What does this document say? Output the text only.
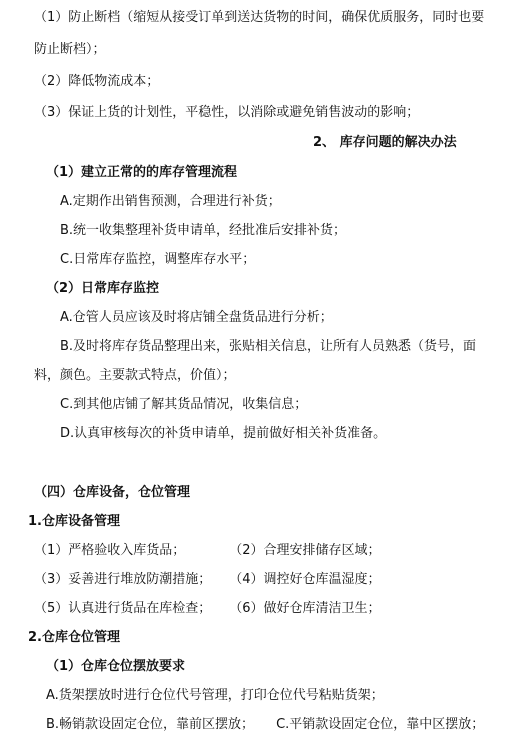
（1）防止断档（缩短从接受订单到送达货物的时间，确保优质服务，同时也要
防止断档）；
（2）降低物流成本；
（3）保证上货的计划性，平稳性，以消除或避免销售波动的影响；
2、 库存问题的解决办法
（1）建立正常的的库存管理流程
A.定期作出销售预测，合理进行补货；
B.统一收集整理补货申请单，经批准后安排补货；
C.日常库存监控，调整库存水平；
（2）日常库存监控
A.仓管人员应该及时将店铺全盘货品进行分析；
B.及时将库存货品整理出来，张贴相关信息，让所有人员熟悉（货号，面
料，颜色。主要款式特点，价值）；
C.到其他店铺了解其货品情况，收集信息；
D.认真审核每次的补货申请单，提前做好相关补货准备。
（四）仓库设备，仓位管理
1.仓库设备管理
（1）严格验收入库货品；	（2）合理安排储存区域；
（3）妥善进行堆放防潮措施； （4）调控好仓库温湿度；
（5）认真进行货品在库检查； （6）做好仓库清洁卫生；
2.仓库仓位管理
（1）仓库仓位摆放要求
A.货架摆放时进行仓位代号管理，打印仓位代号粘贴货架；
B.畅销款设固定仓位，靠前区摆放； C.平销款设固定仓位，靠中区摆放；
